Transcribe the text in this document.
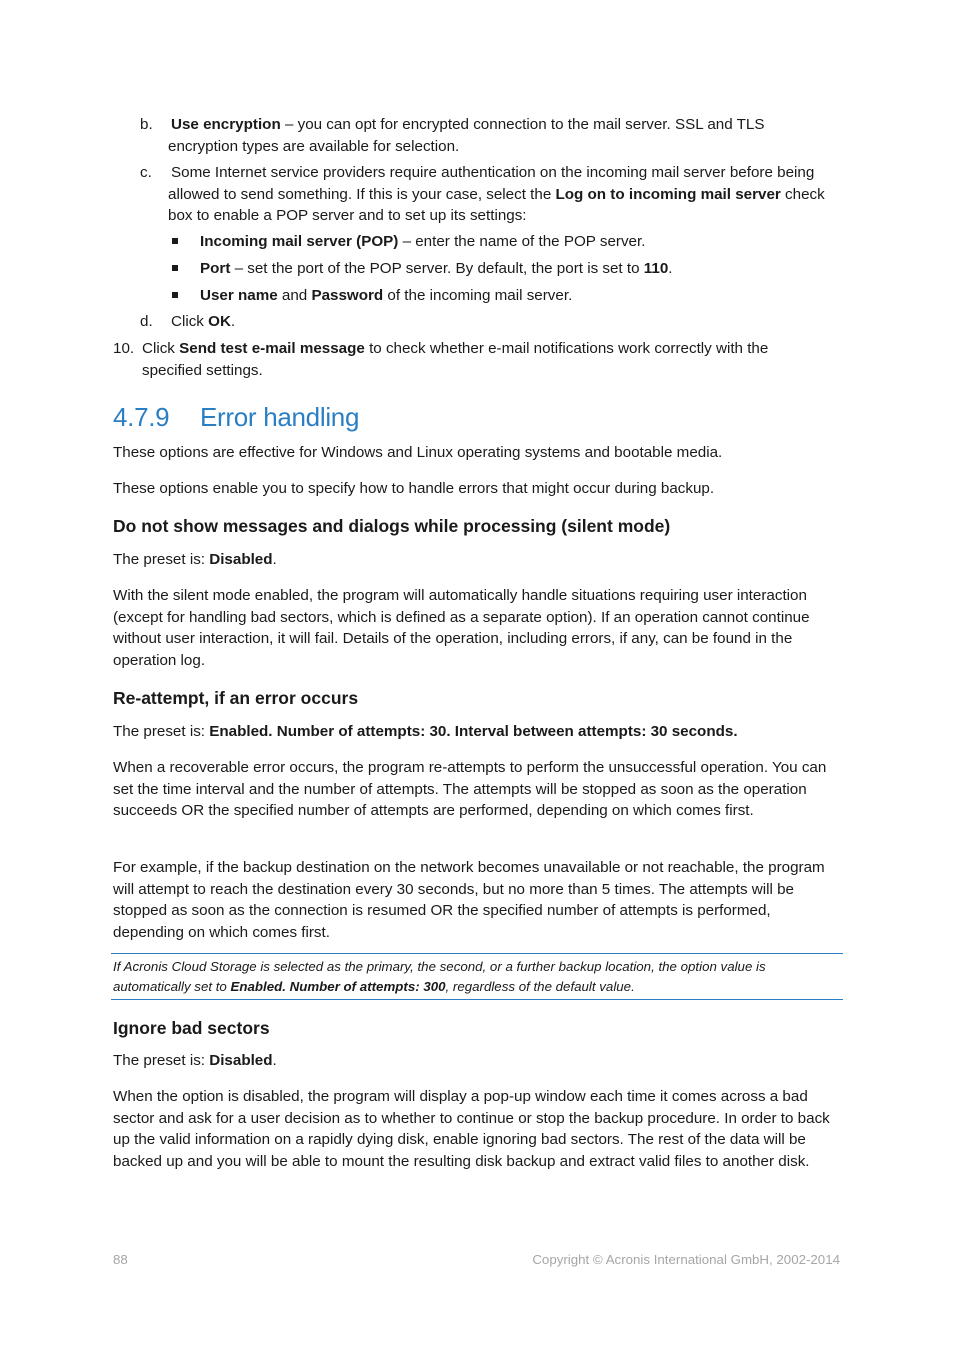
b. Use encryption – you can opt for encrypted connection to the mail server. SSL and TLS encryption types are available for selection.

c. Some Internet service providers require authentication on the incoming mail server before being allowed to send something. If this is your case, select the Log on to incoming mail server check box to enable a POP server and to set up its settings:

Incoming mail server (POP) – enter the name of the POP server.

Port – set the port of the POP server. By default, the port is set to 110.

User name and Password of the incoming mail server.

d. Click OK.

10. Click Send test e-mail message to check whether e-mail notifications work correctly with the specified settings.

4.7.9 Error handling

These options are effective for Windows and Linux operating systems and bootable media.

These options enable you to specify how to handle errors that might occur during backup.

Do not show messages and dialogs while processing (silent mode)

The preset is: Disabled.

With the silent mode enabled, the program will automatically handle situations requiring user interaction (except for handling bad sectors, which is defined as a separate option). If an operation cannot continue without user interaction, it will fail. Details of the operation, including errors, if any, can be found in the operation log.

Re-attempt, if an error occurs

The preset is: Enabled. Number of attempts: 30. Interval between attempts: 30 seconds.

When a recoverable error occurs, the program re-attempts to perform the unsuccessful operation. You can set the time interval and the number of attempts. The attempts will be stopped as soon as the operation succeeds OR the specified number of attempts are performed, depending on which comes first.

For example, if the backup destination on the network becomes unavailable or not reachable, the program will attempt to reach the destination every 30 seconds, but no more than 5 times. The attempts will be stopped as soon as the connection is resumed OR the specified number of attempts is performed, depending on which comes first.

If Acronis Cloud Storage is selected as the primary, the second, or a further backup location, the option value is automatically set to Enabled. Number of attempts: 300, regardless of the default value.

Ignore bad sectors

The preset is: Disabled.

When the option is disabled, the program will display a pop-up window each time it comes across a bad sector and ask for a user decision as to whether to continue or stop the backup procedure. In order to back up the valid information on a rapidly dying disk, enable ignoring bad sectors. The rest of the data will be backed up and you will be able to mount the resulting disk backup and extract valid files to another disk.

88	Copyright © Acronis International GmbH, 2002-2014
